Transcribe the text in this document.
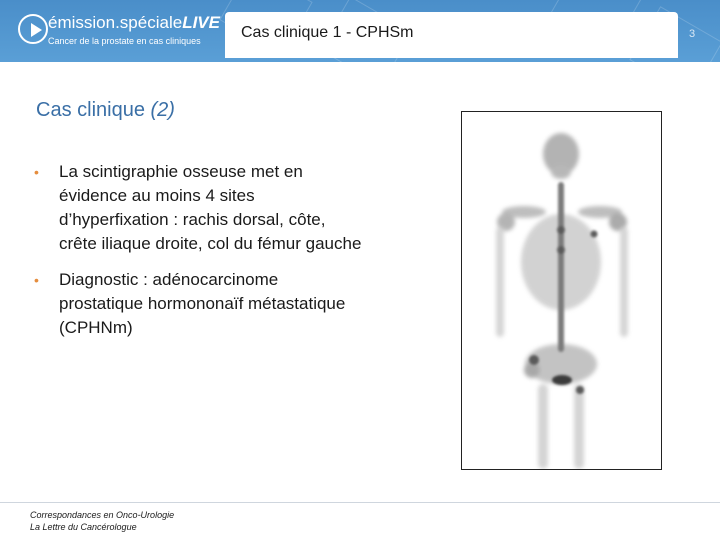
émission.spécialeLIVE
Cancer de la prostate en cas cliniques	Cas clinique 1 - CPHSm	3
Cas clinique (2)
• La scintigraphie osseuse met en évidence au moins 4 sites d’hyperfixation : rachis dorsal, côte, crête iliaque droite, col du fémur gauche
• Diagnostic : adénocarcinome prostatique hormononaïf métastatique (CPHNm)
Correspondances en Onco-Urologie
La Lettre du Cancérologue
